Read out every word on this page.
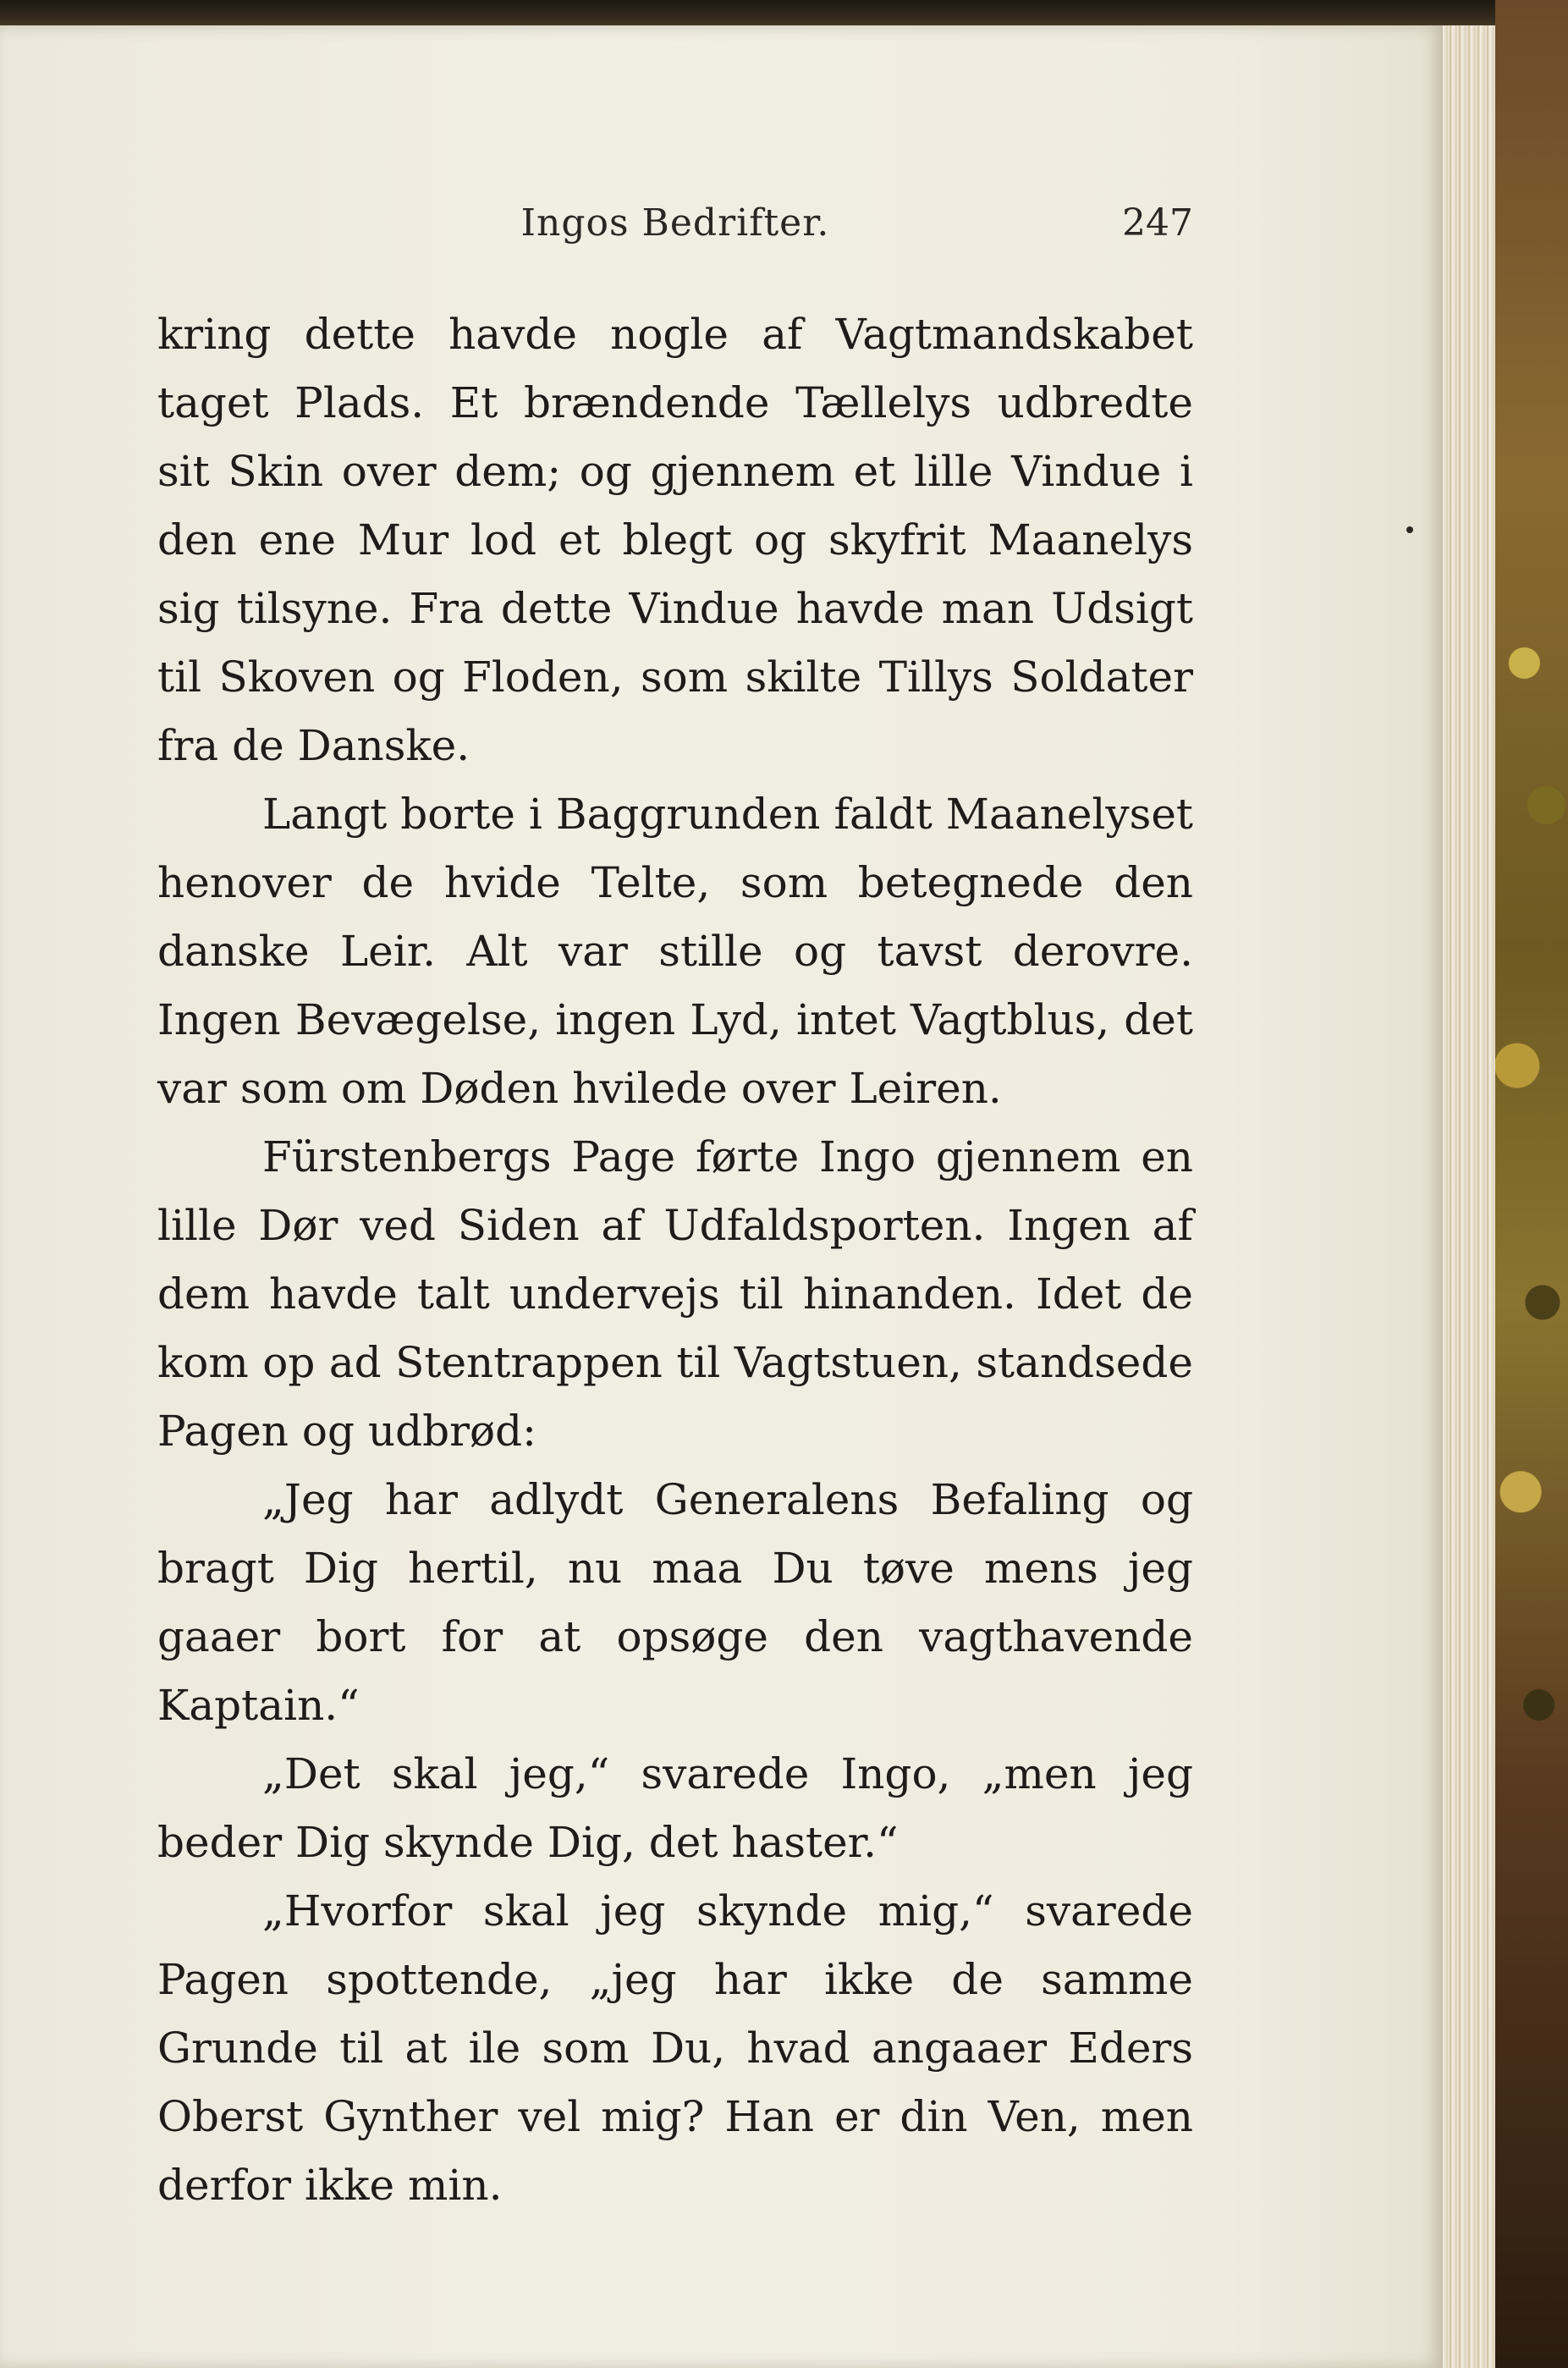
Ingos Bedrifter.	247

kring dette havde nogle af Vagtmandskabet taget Plads. Et brændende Tællelys udbredte sit Skin over dem; og gjennem et lille Vindue i den ene Mur lod et blegt og skyfrit Maanelys sig tilsyne. Fra dette Vindue havde man Udsigt til Skoven og Floden, som skilte Tillys Soldater fra de Danske.

Langt borte i Baggrunden faldt Maanelyset henover de hvide Telte, som betegnede den danske Leir. Alt var stille og tavst derovre. Ingen Bevægelse, ingen Lyd, intet Vagtblus, det var som om Døden hvilede over Leiren.

Fürstenbergs Page førte Ingo gjennem en lille Dør ved Siden af Udfaldsporten. Ingen af dem havde talt undervejs til hinanden. Idet de kom op ad Stentrappen til Vagtstuen, standsede Pagen og udbrød:

„Jeg har adlydt Generalens Befaling og bragt Dig hertil, nu maa Du tøve mens jeg gaaer bort for at opsøge den vagthavende Kaptain.“

„Det skal jeg,“ svarede Ingo, „men jeg beder Dig skynde Dig, det haster.“

„Hvorfor skal jeg skynde mig,“ svarede Pagen spottende, „jeg har ikke de samme Grunde til at ile som Du, hvad angaaer Eders Oberst Gynther vel mig? Han er din Ven, men derfor ikke min.
